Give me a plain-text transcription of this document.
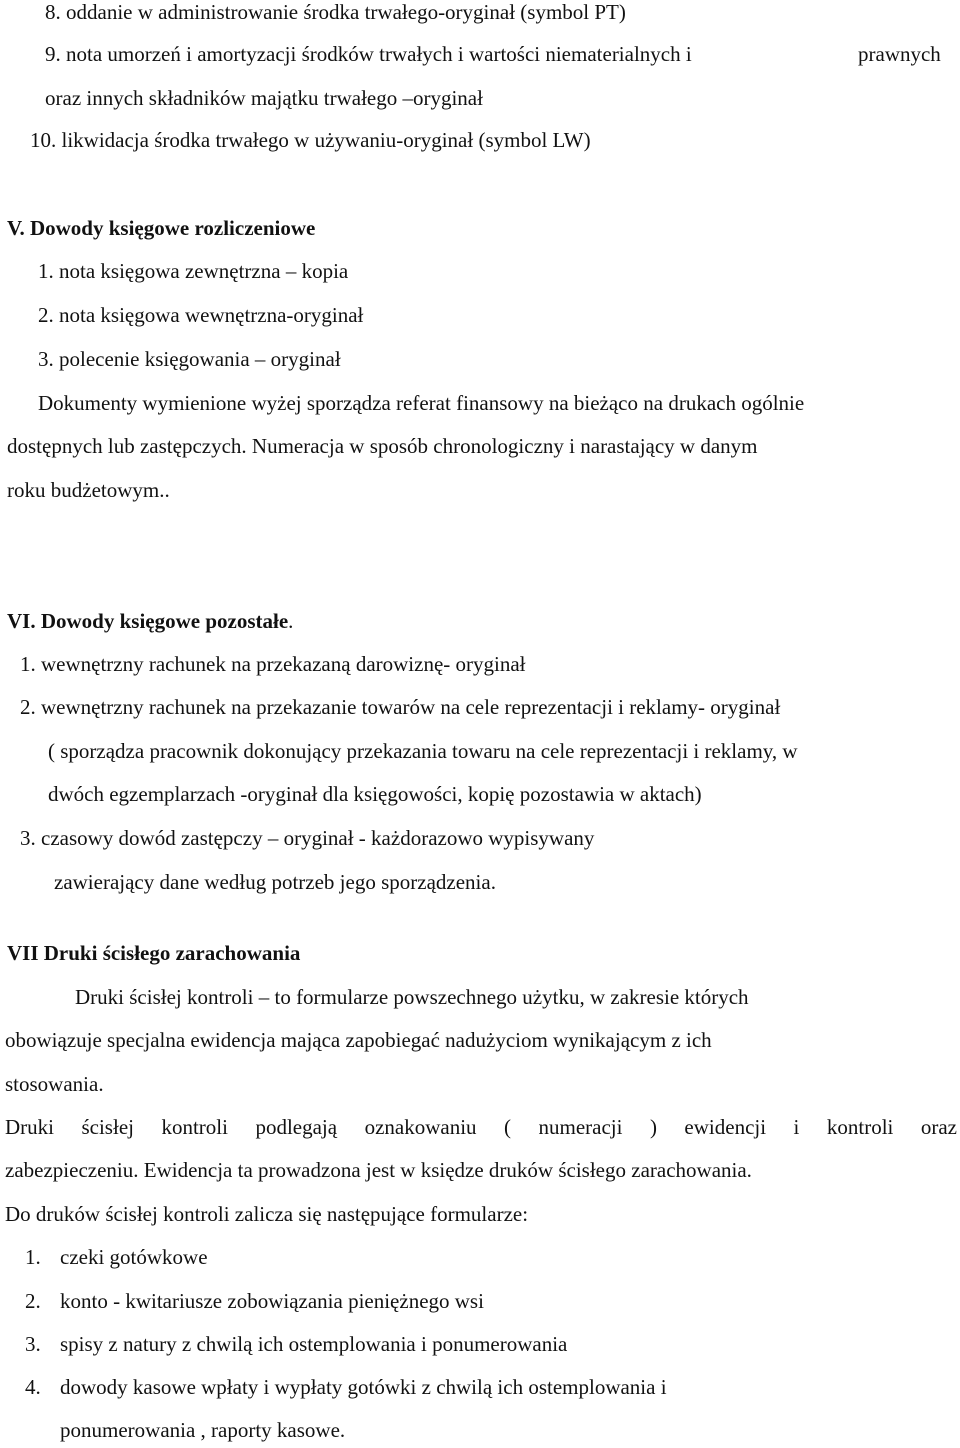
8. oddanie w administrowanie środka trwałego-oryginał (symbol PT)
9. nota umorzeń i amortyzacji środków trwałych i wartości niematerialnych i	prawnych
oraz innych składników majątku trwałego –oryginał
10. likwidacja środka trwałego w używaniu-oryginał (symbol LW)
V. Dowody księgowe rozliczeniowe
1. nota księgowa zewnętrzna – kopia
2. nota księgowa wewnętrzna-oryginał
3. polecenie księgowania – oryginał
Dokumenty wymienione wyżej sporządza referat finansowy na bieżąco na drukach ogólnie
dostępnych lub zastępczych. Numeracja w sposób chronologiczny i narastający w danym
roku budżetowym..
VI. Dowody księgowe pozostałe.
1. wewnętrzny rachunek na przekazaną darowiznę- oryginał
2. wewnętrzny rachunek na przekazanie towarów na cele reprezentacji i reklamy- oryginał
( sporządza pracownik dokonujący przekazania towaru na cele reprezentacji i reklamy, w
dwóch egzemplarzach -oryginał dla księgowości, kopię pozostawia w aktach)
3. czasowy dowód zastępczy – oryginał - każdorazowo wypisywany
zawierający dane według potrzeb jego sporządzenia.
VII Druki ścisłego zarachowania
Druki ścisłej kontroli – to formularze powszechnego użytku, w zakresie których
obowiązuje specjalna ewidencja mająca zapobiegać nadużyciom wynikającym z ich
stosowania.
Druki ścisłej kontroli podlegają oznakowaniu ( numeracji ) ewidencji i kontroli oraz
zabezpieczeniu. Ewidencja ta prowadzona jest w księdze druków ścisłego zarachowania.
Do druków ścisłej kontroli zalicza się następujące formularze:
1. czeki gotówkowe
2. konto - kwitariusze zobowiązania pieniężnego wsi
3. spisy z natury z chwilą ich ostemplowania i ponumerowania
4. dowody kasowe wpłaty i wypłaty gotówki z chwilą ich ostemplowania i
ponumerowania , raporty kasowe.
